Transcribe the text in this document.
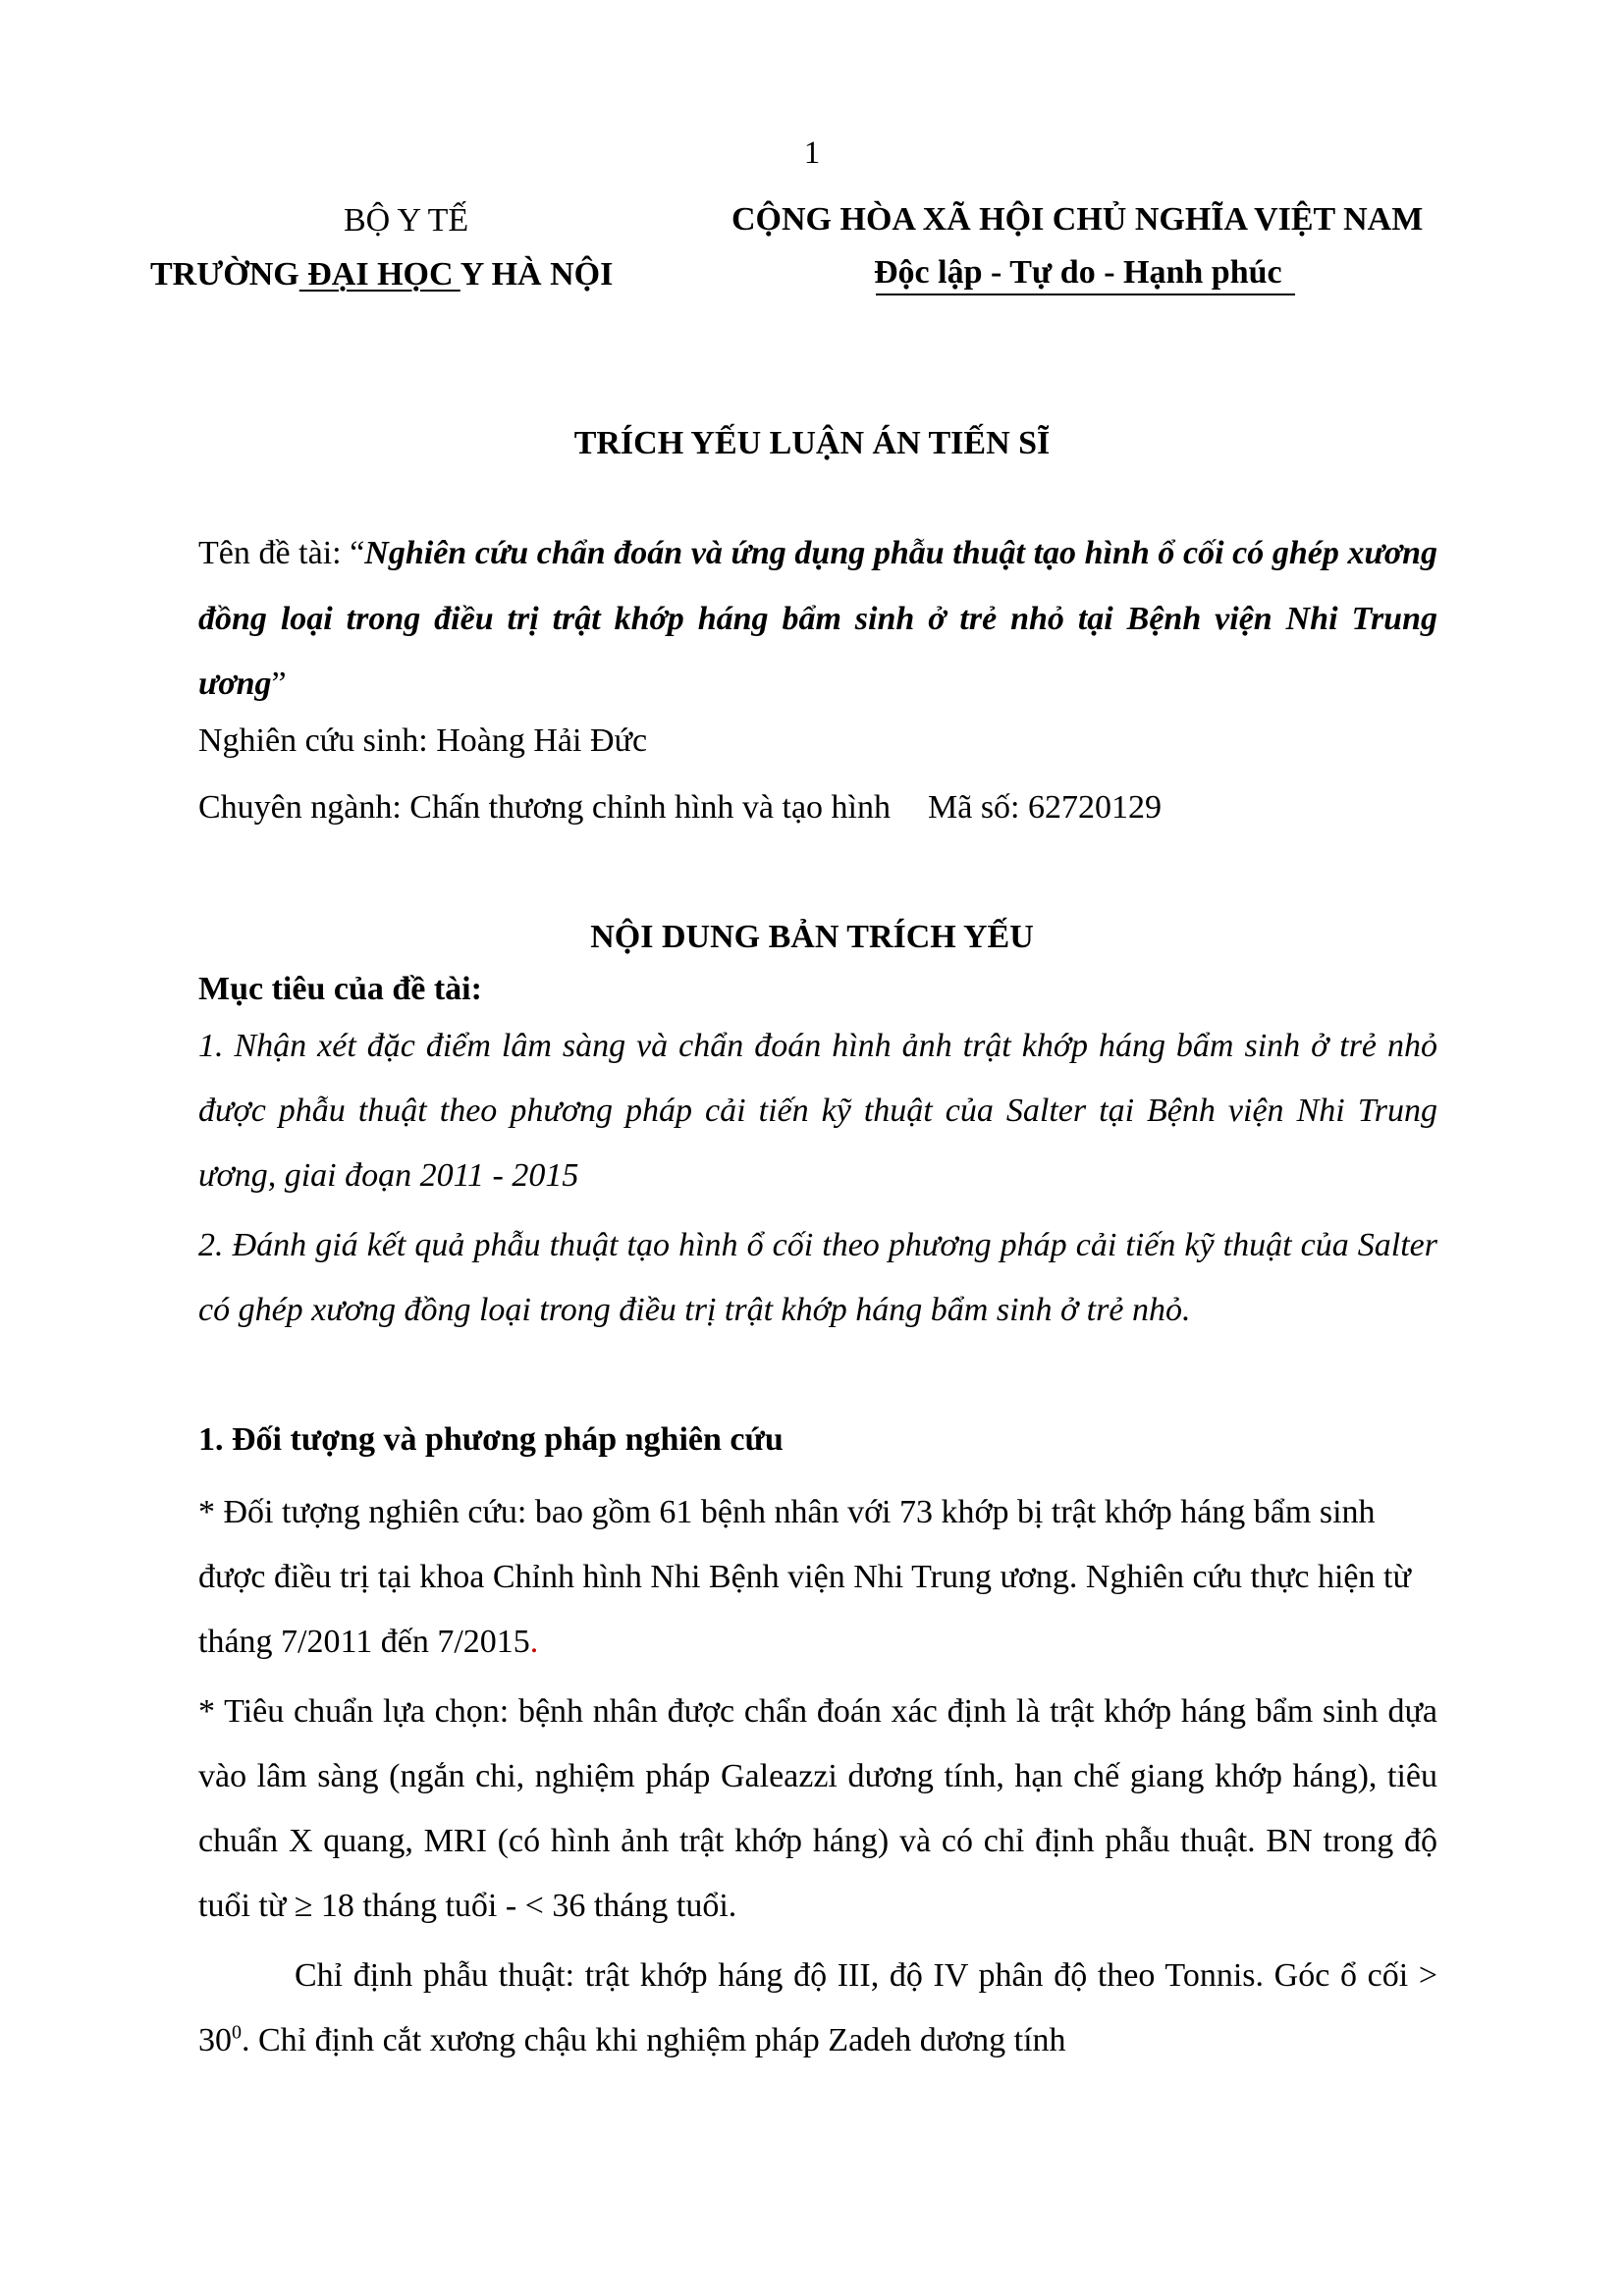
1
BỘ Y TẾ
TRƯỜNG ĐẠI HỌC Y HÀ NỘI
CỘNG HÒA XÃ HỘI CHỦ NGHĨA VIỆT NAM
Độc lập - Tự do - Hạnh phúc
TRÍCH YẾU LUẬN ÁN TIẾN SĨ
Tên đề tài: “Nghiên cứu chẩn đoán và ứng dụng phẫu thuật tạo hình ổ cối có ghép xương đồng loại trong điều trị trật khớp háng bẩm sinh ở trẻ nhỏ tại Bệnh viện Nhi Trung ương”
Nghiên cứu sinh: Hoàng Hải Đức
Chuyên ngành: Chấn thương chỉnh hình và tạo hình Mã số: 62720129
NỘI DUNG BẢN TRÍCH YẾU
Mục tiêu của đề tài:
1. Nhận xét đặc điểm lâm sàng và chẩn đoán hình ảnh trật khớp háng bẩm sinh ở trẻ nhỏ được phẫu thuật theo phương pháp cải tiến kỹ thuật của Salter tại Bệnh viện Nhi Trung ương, giai đoạn 2011 - 2015
2. Đánh giá kết quả phẫu thuật tạo hình ổ cối theo phương pháp cải tiến kỹ thuật của Salter có ghép xương đồng loại trong điều trị trật khớp háng bẩm sinh ở trẻ nhỏ.
1. Đối tượng và phương pháp nghiên cứu
* Đối tượng nghiên cứu: bao gồm 61 bệnh nhân với 73 khớp bị trật khớp háng bẩm sinh được điều trị tại khoa Chỉnh hình Nhi Bệnh viện Nhi Trung ương. Nghiên cứu thực hiện từ tháng 7/2011 đến 7/2015.
* Tiêu chuẩn lựa chọn: bệnh nhân được chẩn đoán xác định là trật khớp háng bẩm sinh dựa vào lâm sàng (ngắn chi, nghiệm pháp Galeazzi dương tính, hạn chế giang khớp háng), tiêu chuẩn X quang, MRI (có hình ảnh trật khớp háng) và có chỉ định phẫu thuật. BN trong độ tuổi từ ≥ 18 tháng tuổi - < 36 tháng tuổi.
Chỉ định phẫu thuật: trật khớp háng độ III, độ IV phân độ theo Tonnis. Góc ổ cối > $30^0$. Chỉ định cắt xương chậu khi nghiệm pháp Zadeh dương tính
